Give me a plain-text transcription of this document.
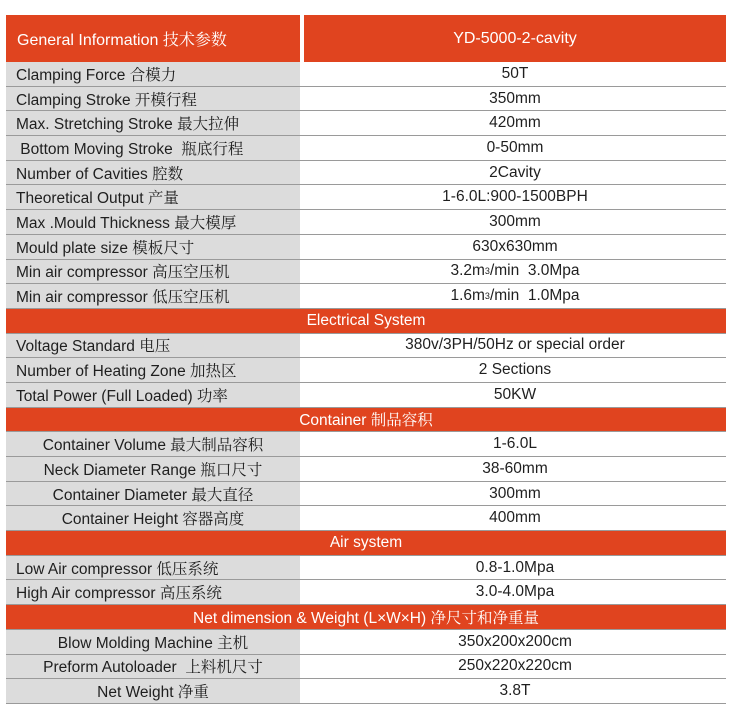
General Information 技术参数	YD-5000-2-cavity
Clamping Force 合模力	50T
Clamping Stroke 开模行程	350mm
Max. Stretching Stroke 最大拉伸	420mm
Bottom Moving Stroke  瓶底行程	0-50mm
Number of Cavities 腔数	2Cavity
Theoretical Output 产量	1-6.0L:900-1500BPH
Max .Mould Thickness 最大模厚	300mm
Mould plate size 模板尺寸	630x630mm
Min air compressor 高压空压机	3.2m 3 /min  3.0Mpa
Min air compressor 低压空压机	1.6m 3 /min  1.0Mpa
Electrical System
Voltage Standard 电压	380v/3PH/50Hz or special order
Number of Heating Zone 加热区	2 Sections
Total Power (Full Loaded) 功率	50KW
Container 制品容积
Container Volume 最大制品容积	1-6.0L
Neck Diameter Range 瓶口尺寸	38-60mm
Container Diameter 最大直径	300mm
Container Height 容器高度	400mm
Air system
Low Air compressor 低压系统	0.8-1.0Mpa
High Air compressor 高压系统	3.0-4.0Mpa
Net dimension & Weight (L×W×H) 净尺寸和净重量
Blow Molding Machine 主机	350x200x200cm
Preform Autoloader  上料机尺寸	250x220x220cm
Net Weight 净重	3.8T
